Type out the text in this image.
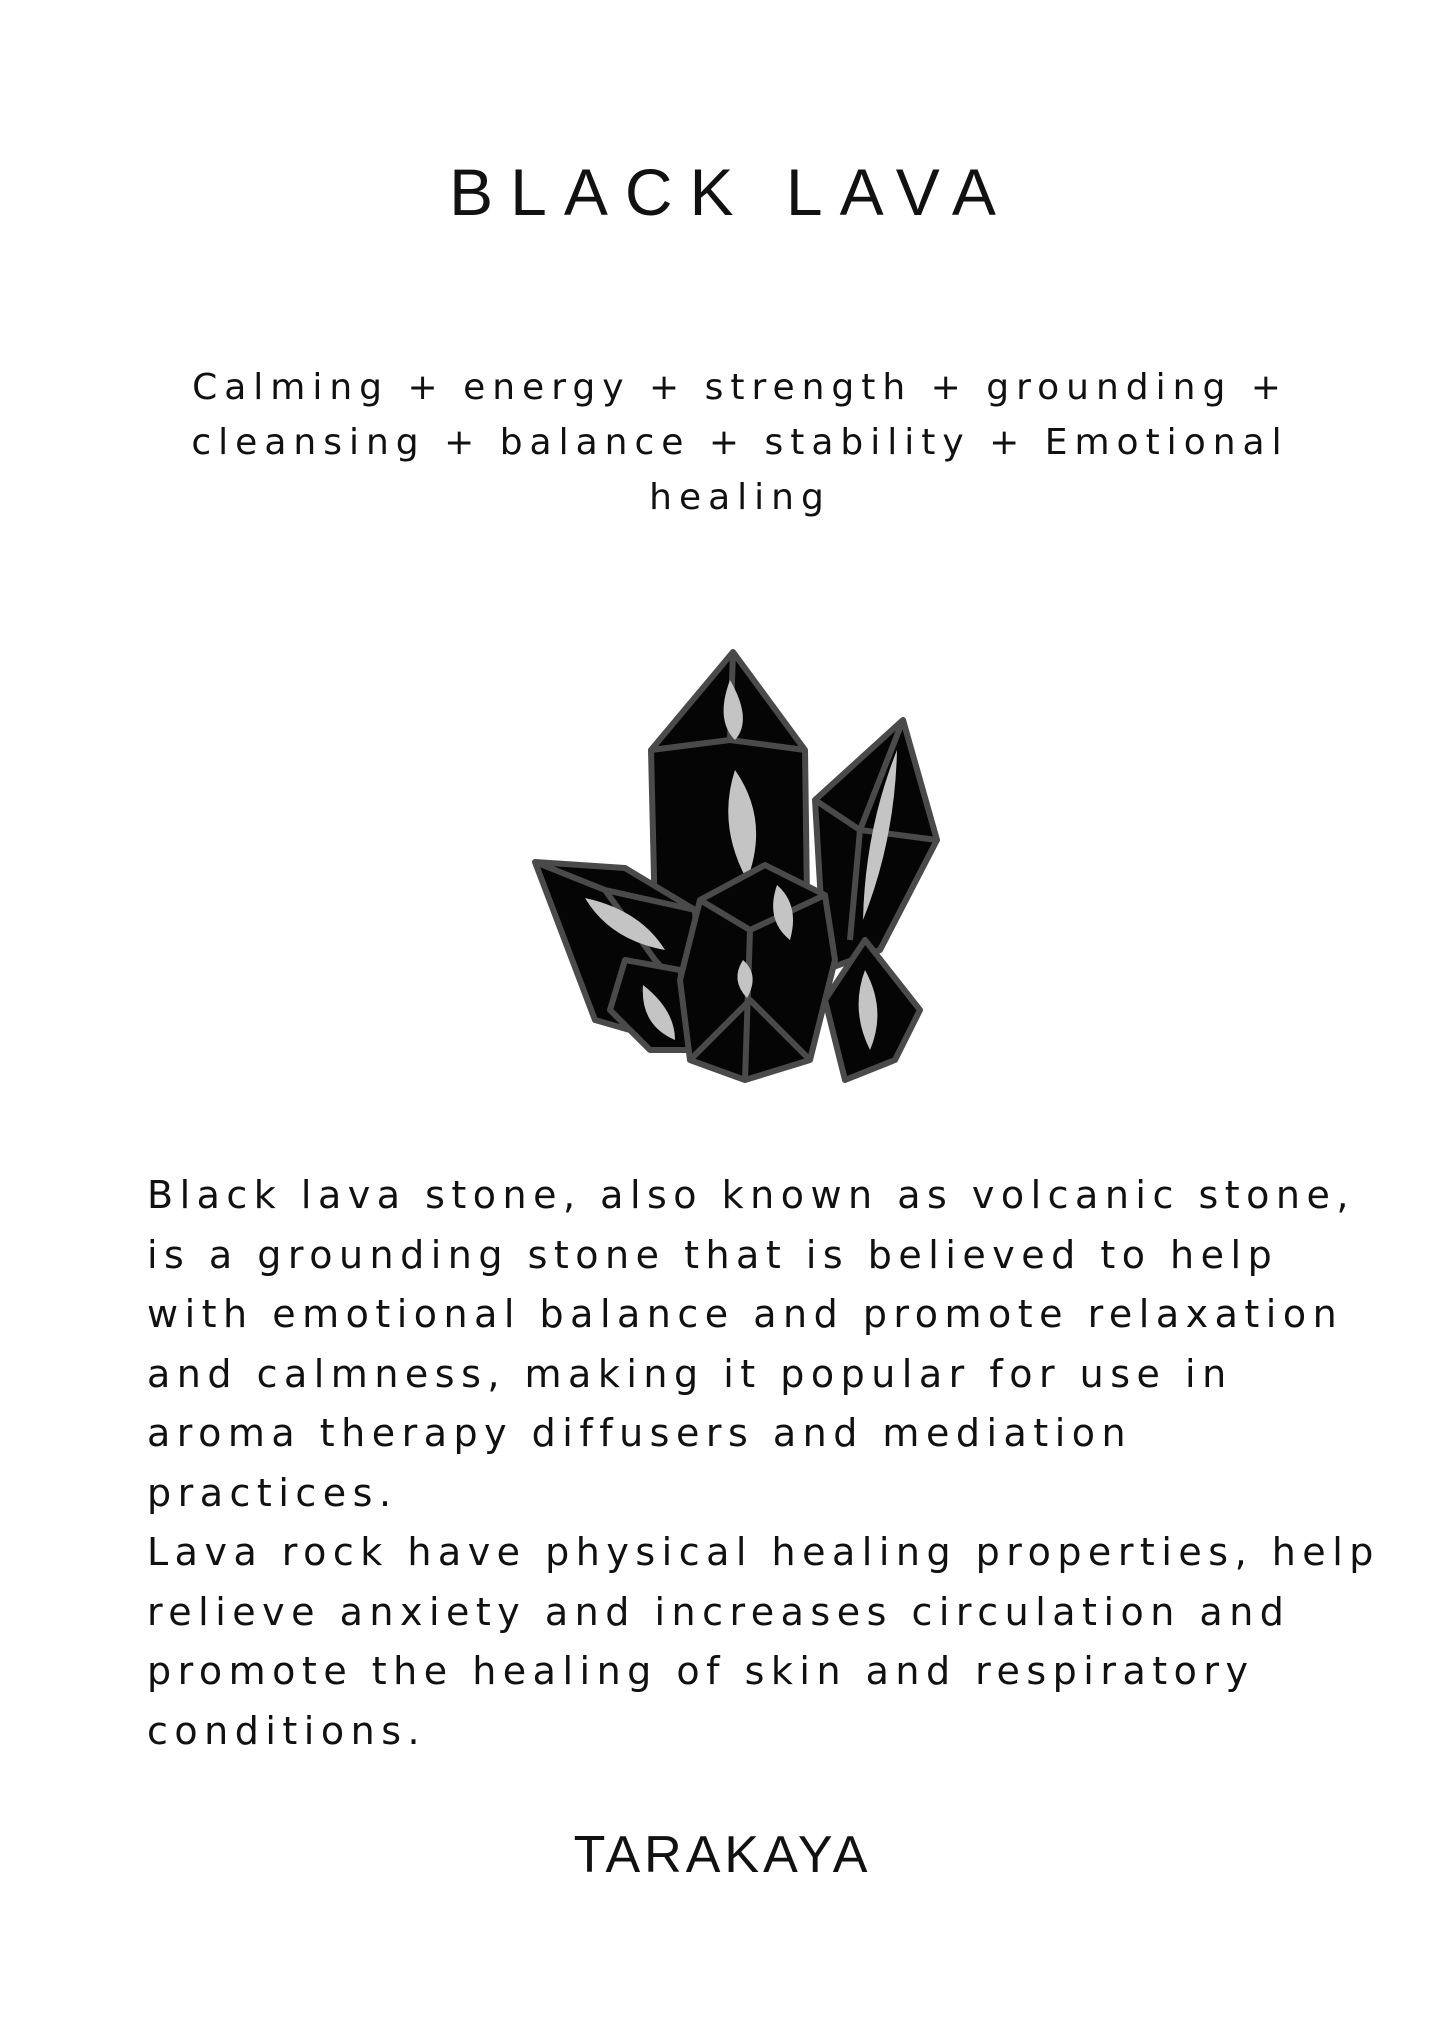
BLACK LAVA

Calming + energy + strength + grounding + cleansing + balance + stability + Emotional healing

Black lava stone, also known as volcanic stone, is a grounding stone that is believed to help with emotional balance and promote relaxation and calmness, making it popular for use in aroma therapy diffusers and mediation practices.

Lava rock have physical healing properties, help relieve anxiety and increases circulation and promote the healing of skin and respiratory conditions.

TARAKAYA
